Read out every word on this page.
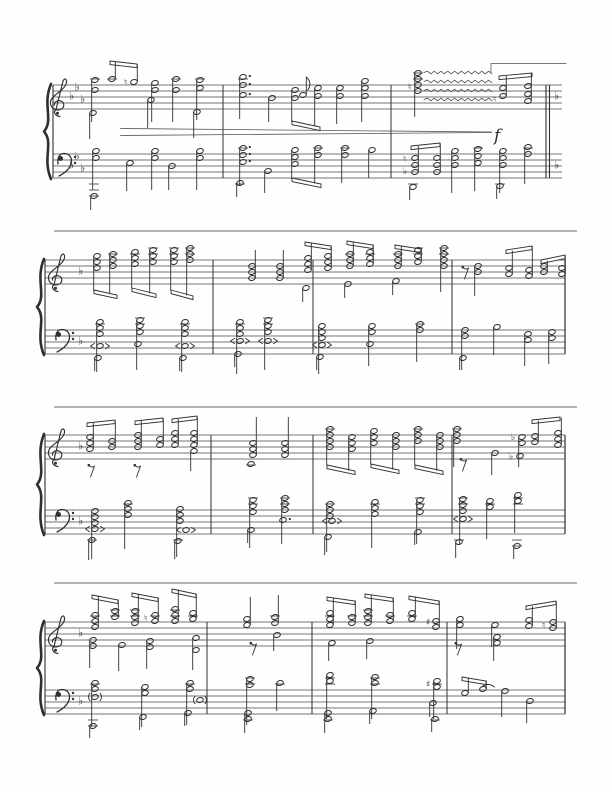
♭
♭
♭
♭
♭
♭
♭
♭
f
♮	♮
♮
♮
♭
♭
♭
♭
♭
♭
♭
♭
♭
♮	♯	♮
♯
